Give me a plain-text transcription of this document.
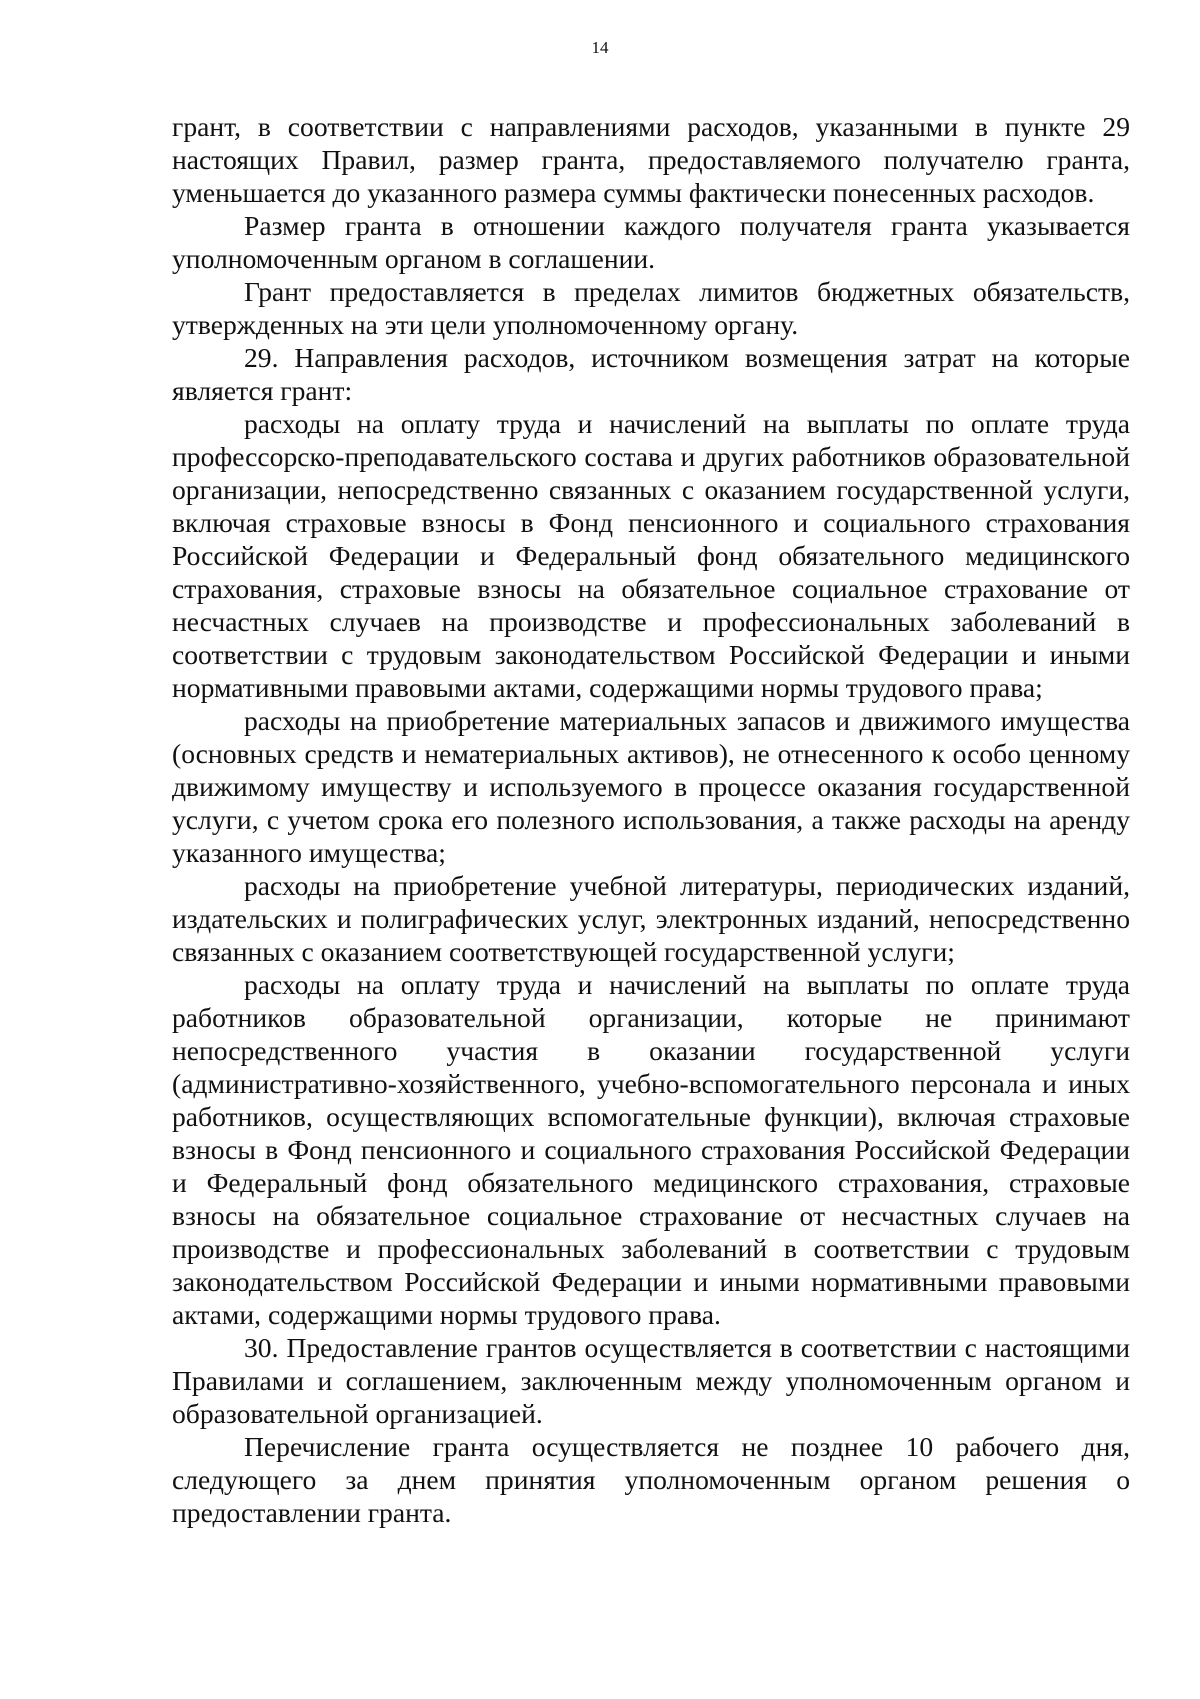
14

грант, в соответствии с направлениями расходов, указанными в пункте 29 настоящих Правил, размер гранта, предоставляемого получателю гранта, уменьшается до указанного размера суммы фактически понесенных расходов.

Размер гранта в отношении каждого получателя гранта указывается уполномоченным органом в соглашении.

Грант предоставляется в пределах лимитов бюджетных обязательств, утвержденных на эти цели уполномоченному органу.

29. Направления расходов, источником возмещения затрат на которые является грант:

расходы на оплату труда и начислений на выплаты по оплате труда профессорско-преподавательского состава и других работников образовательной организации, непосредственно связанных с оказанием государственной услуги, включая страховые взносы в Фонд пенсионного и социального страхования Российской Федерации и Федеральный фонд обязательного медицинского страхования, страховые взносы на обязательное социальное страхование от несчастных случаев на производстве и профессиональных заболеваний в соответствии с трудовым законодательством Российской Федерации и иными нормативными правовыми актами, содержащими нормы трудового права;

расходы на приобретение материальных запасов и движимого имущества (основных средств и нематериальных активов), не отнесенного к особо ценному движимому имуществу и используемого в процессе оказания государственной услуги, с учетом срока его полезного использования, а также расходы на аренду указанного имущества;

расходы на приобретение учебной литературы, периодических изданий, издательских и полиграфических услуг, электронных изданий, непосредственно связанных с оказанием соответствующей государственной услуги;

расходы на оплату труда и начислений на выплаты по оплате труда работников образовательной организации, которые не принимают непосредственного участия в оказании государственной услуги (административно-хозяйственного, учебно-вспомогательного персонала и иных работников, осуществляющих вспомогательные функции), включая страховые взносы в Фонд пенсионного и социального страхования Российской Федерации и Федеральный фонд обязательного медицинского страхования, страховые взносы на обязательное социальное страхование от несчастных случаев на производстве и профессиональных заболеваний в соответствии с трудовым законодательством Российской Федерации и иными нормативными правовыми актами, содержащими нормы трудового права.

30. Предоставление грантов осуществляется в соответствии с настоящими Правилами и соглашением, заключенным между уполномоченным органом и образовательной организацией.

Перечисление гранта осуществляется не позднее 10 рабочего дня, следующего за днем принятия уполномоченным органом решения о предоставлении гранта.
